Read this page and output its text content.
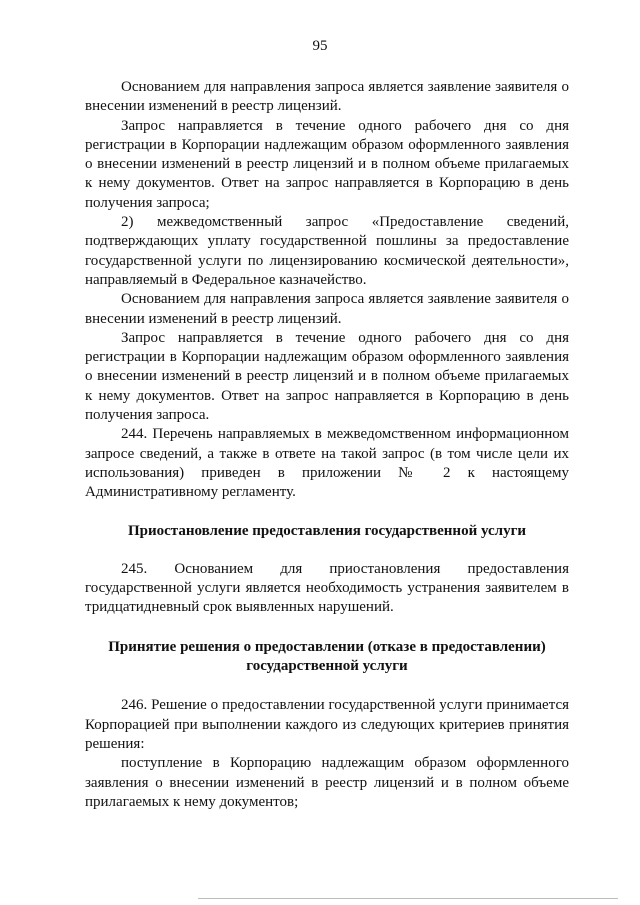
95

Основанием для направления запроса является заявление заявителя о внесении изменений в реестр лицензий.

Запрос направляется в течение одного рабочего дня со дня регистрации в Корпорации надлежащим образом оформленного заявления о внесении изменений в реестр лицензий и в полном объеме прилагаемых к нему документов. Ответ на запрос направляется в Корпорацию в день получения запроса;

2) межведомственный запрос «Предоставление сведений, подтверждающих уплату государственной пошлины за предоставление государственной услуги по лицензированию космической деятельности», направляемый в Федеральное казначейство.

Основанием для направления запроса является заявление заявителя о внесении изменений в реестр лицензий.

Запрос направляется в течение одного рабочего дня со дня регистрации в Корпорации надлежащим образом оформленного заявления о внесении изменений в реестр лицензий и в полном объеме прилагаемых к нему документов. Ответ на запрос направляется в Корпорацию в день получения запроса.

244. Перечень направляемых в межведомственном информационном запросе сведений, а также в ответе на такой запрос (в том числе цели их использования) приведен в приложении № 2 к настоящему Административному регламенту.

Приостановление предоставления государственной услуги

245. Основанием для приостановления предоставления государственной услуги является необходимость устранения заявителем в тридцатидневный срок выявленных нарушений.

Принятие решения о предоставлении (отказе в предоставлении) государственной услуги

246. Решение о предоставлении государственной услуги принимается Корпорацией при выполнении каждого из следующих критериев принятия решения:

поступление в Корпорацию надлежащим образом оформленного заявления о внесении изменений в реестр лицензий и в полном объеме прилагаемых к нему документов;
